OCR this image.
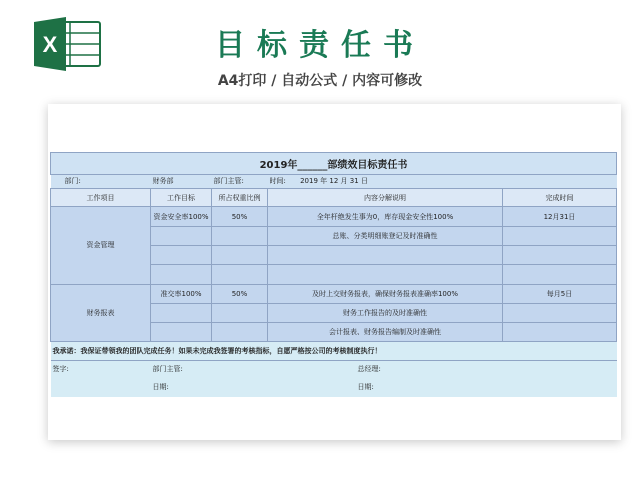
X	目标责任书
A4打印 / 自动公式 / 内容可修改
2019年______部绩效目标责任书				
部门:	财务部	部门主管:	时间: 2019 年 12 月 31 日	
工作项目	工作目标	所占权重比例	内容分解说明	完成时间
资金管理	资金安全率100%	50%	全年杆绝发生事为0，库存现金安全性100%	12月31日
			总账、分类明细账登记及时准确性	

财务报表	准交率100%	50%	及时上交财务报表，确保财务报表准确率100%	每月5日
			财务工作报告的及时准确性	
			会计报表、财务报告编制及时准确性	
我承诺：我保证带领我的团队完成任务！如果未完成我签署的考核指标，自愿严格按公司的考核制度执行！				
签字:	部门主管:		总经理:	
	日期:		日期:	
